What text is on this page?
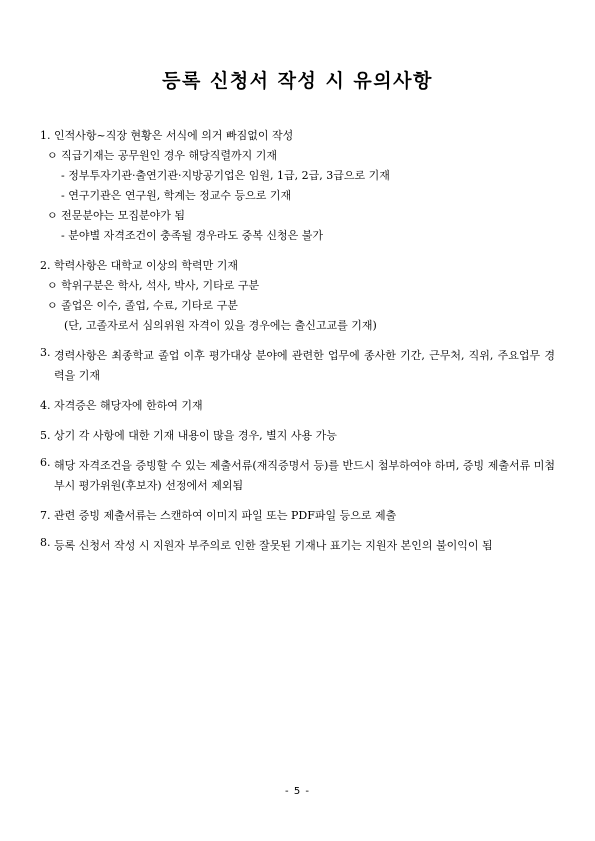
등록 신청서 작성 시 유의사항
1. 인적사항~직장 현황은 서식에 의거 빠짐없이 작성
ㅇ 직급기재는 공무원인 경우 해당직렬까지 기재
- 정부투자기관·출연기관·지방공기업은 임원, 1급, 2급, 3급으로 기재
- 연구기관은 연구원, 학계는 정교수 등으로 기재
ㅇ 전문분야는 모집분야가 됨
- 분야별 자격조건이 충족될 경우라도 중복 신청은 불가
2. 학력사항은 대학교 이상의 학력만 기재
ㅇ 학위구분은 학사, 석사, 박사, 기타로 구분
ㅇ 졸업은 이수, 졸업, 수료, 기타로 구분
(단, 고졸자로서 심의위원 자격이 있을 경우에는 출신고교를 기재)
3. 경력사항은 최종학교 졸업 이후 평가대상 분야에 관련한 업무에 종사한 기간, 근무처, 직위, 주요업무 경력을 기재
4. 자격증은 해당자에 한하여 기재
5. 상기 각 사항에 대한 기재 내용이 많을 경우, 별지 사용 가능
6. 해당 자격조건을 증빙할 수 있는 제출서류(재직증명서 등)를 반드시 첨부하여야 하며, 증빙 제출서류 미첨부시 평가위원(후보자) 선정에서 제외됨
7. 관련 증빙 제출서류는 스캔하여 이미지 파일 또는 PDF파일 등으로 제출
8. 등록 신청서 작성 시 지원자 부주의로 인한 잘못된 기재나 표기는 지원자 본인의 불이익이 됨
- 5 -
